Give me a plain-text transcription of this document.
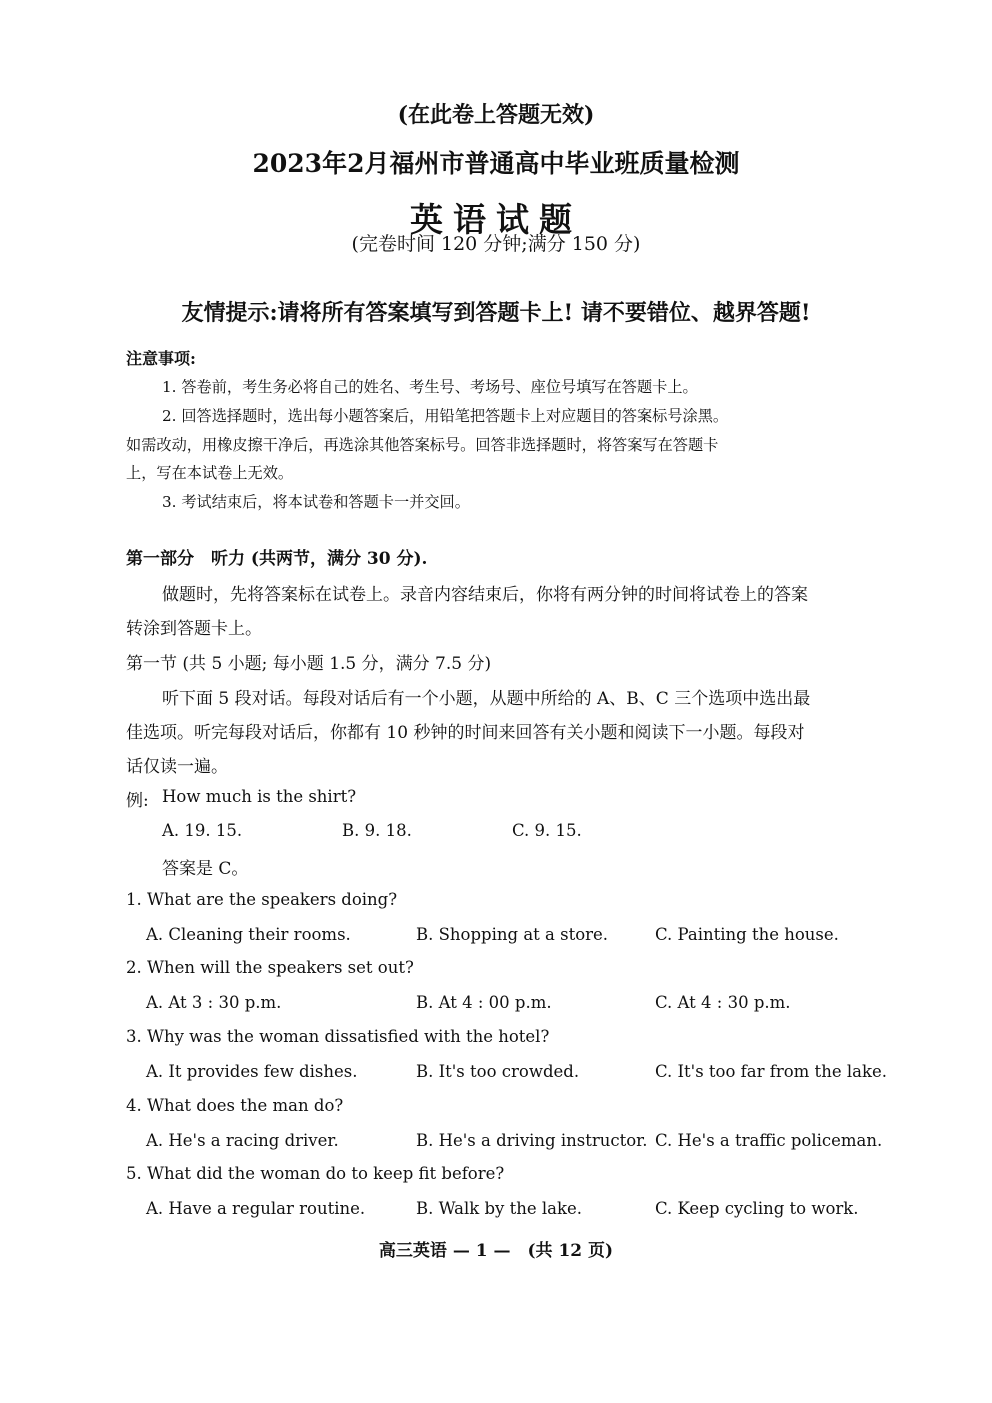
(在此卷上答题无效)
2023年2月福州市普通高中毕业班质量检测
英语试题
(完卷时间 120 分钟;满分 150 分)
友情提示:请将所有答案填写到答题卡上! 请不要错位、越界答题!
注意事项:
1. 答卷前，考生务必将自己的姓名、考生号、考场号、座位号填写在答题卡上。
2. 回答选择题时，选出每小题答案后，用铅笔把答题卡上对应题目的答案标号涂黑。
如需改动，用橡皮擦干净后，再选涂其他答案标号。回答非选择题时，将答案写在答题卡
上，写在本试卷上无效。
3. 考试结束后，将本试卷和答题卡一并交回。
第一部分　听力 (共两节，满分 30 分).
做题时，先将答案标在试卷上。录音内容结束后，你将有两分钟的时间将试卷上的答案
转涂到答题卡上。
第一节 (共 5 小题; 每小题 1.5 分，满分 7.5 分)
听下面 5 段对话。每段对话后有一个小题，从题中所给的 A、B、C 三个选项中选出最
佳选项。听完每段对话后，你都有 10 秒钟的时间来回答有关小题和阅读下一小题。每段对
话仅读一遍。
例: How much is the shirt?
A. 19. 15.	B. 9. 18.	C. 9. 15.
答案是 C。
1. What are the speakers doing?
A. Cleaning their rooms.	B. Shopping at a store.	C. Painting the house.
2. When will the speakers set out?
A. At 3 : 30 p.m.	B. At 4 : 00 p.m.	C. At 4 : 30 p.m.
3. Why was the woman dissatisfied with the hotel?
A. It provides few dishes.	B. It's too crowded.	C. It's too far from the lake.
4. What does the man do?
A. He's a racing driver.	B. He's a driving instructor. C. He's a traffic policeman.
5. What did the woman do to keep fit before?
A. Have a regular routine.	B. Walk by the lake.	C. Keep cycling to work.
高三英语 — 1 —　(共 12 页)
